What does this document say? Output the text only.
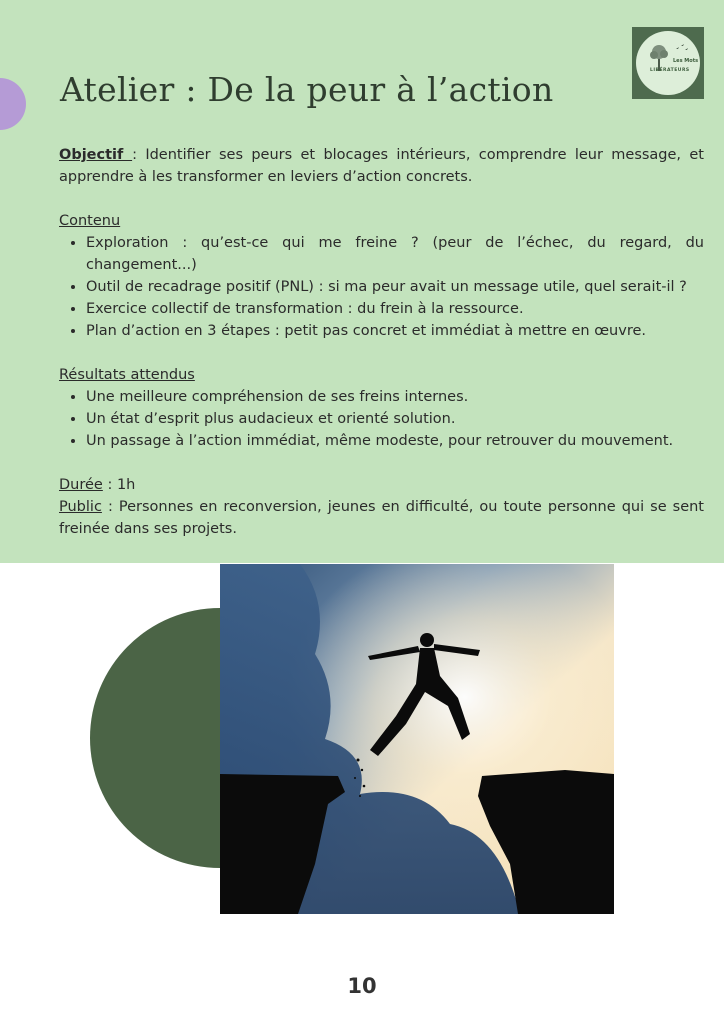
Les Mots
LIBÉRATEURS
Atelier : De la peur à l’action

Objectif : Identifier ses peurs et blocages intérieurs, comprendre leur message, et apprendre à les transformer en leviers d’action concrets.

Contenu
• Exploration : qu’est-ce qui me freine ? (peur de l’échec, du regard, du changement...)
• Outil de recadrage positif (PNL) : si ma peur avait un message utile, quel serait-il ?
• Exercice collectif de transformation : du frein à la ressource.
• Plan d’action en 3 étapes : petit pas concret et immédiat à mettre en œuvre.
Résultats attendus
• Une meilleure compréhension de ses freins internes.
• Un état d’esprit plus audacieux et orienté solution.
• Un passage à l’action immédiat, même modeste, pour retrouver du mouvement.

Durée : 1h

Public : Personnes en reconversion, jeunes en difficulté, ou toute personne qui se sent freinée dans ses projets.

10
